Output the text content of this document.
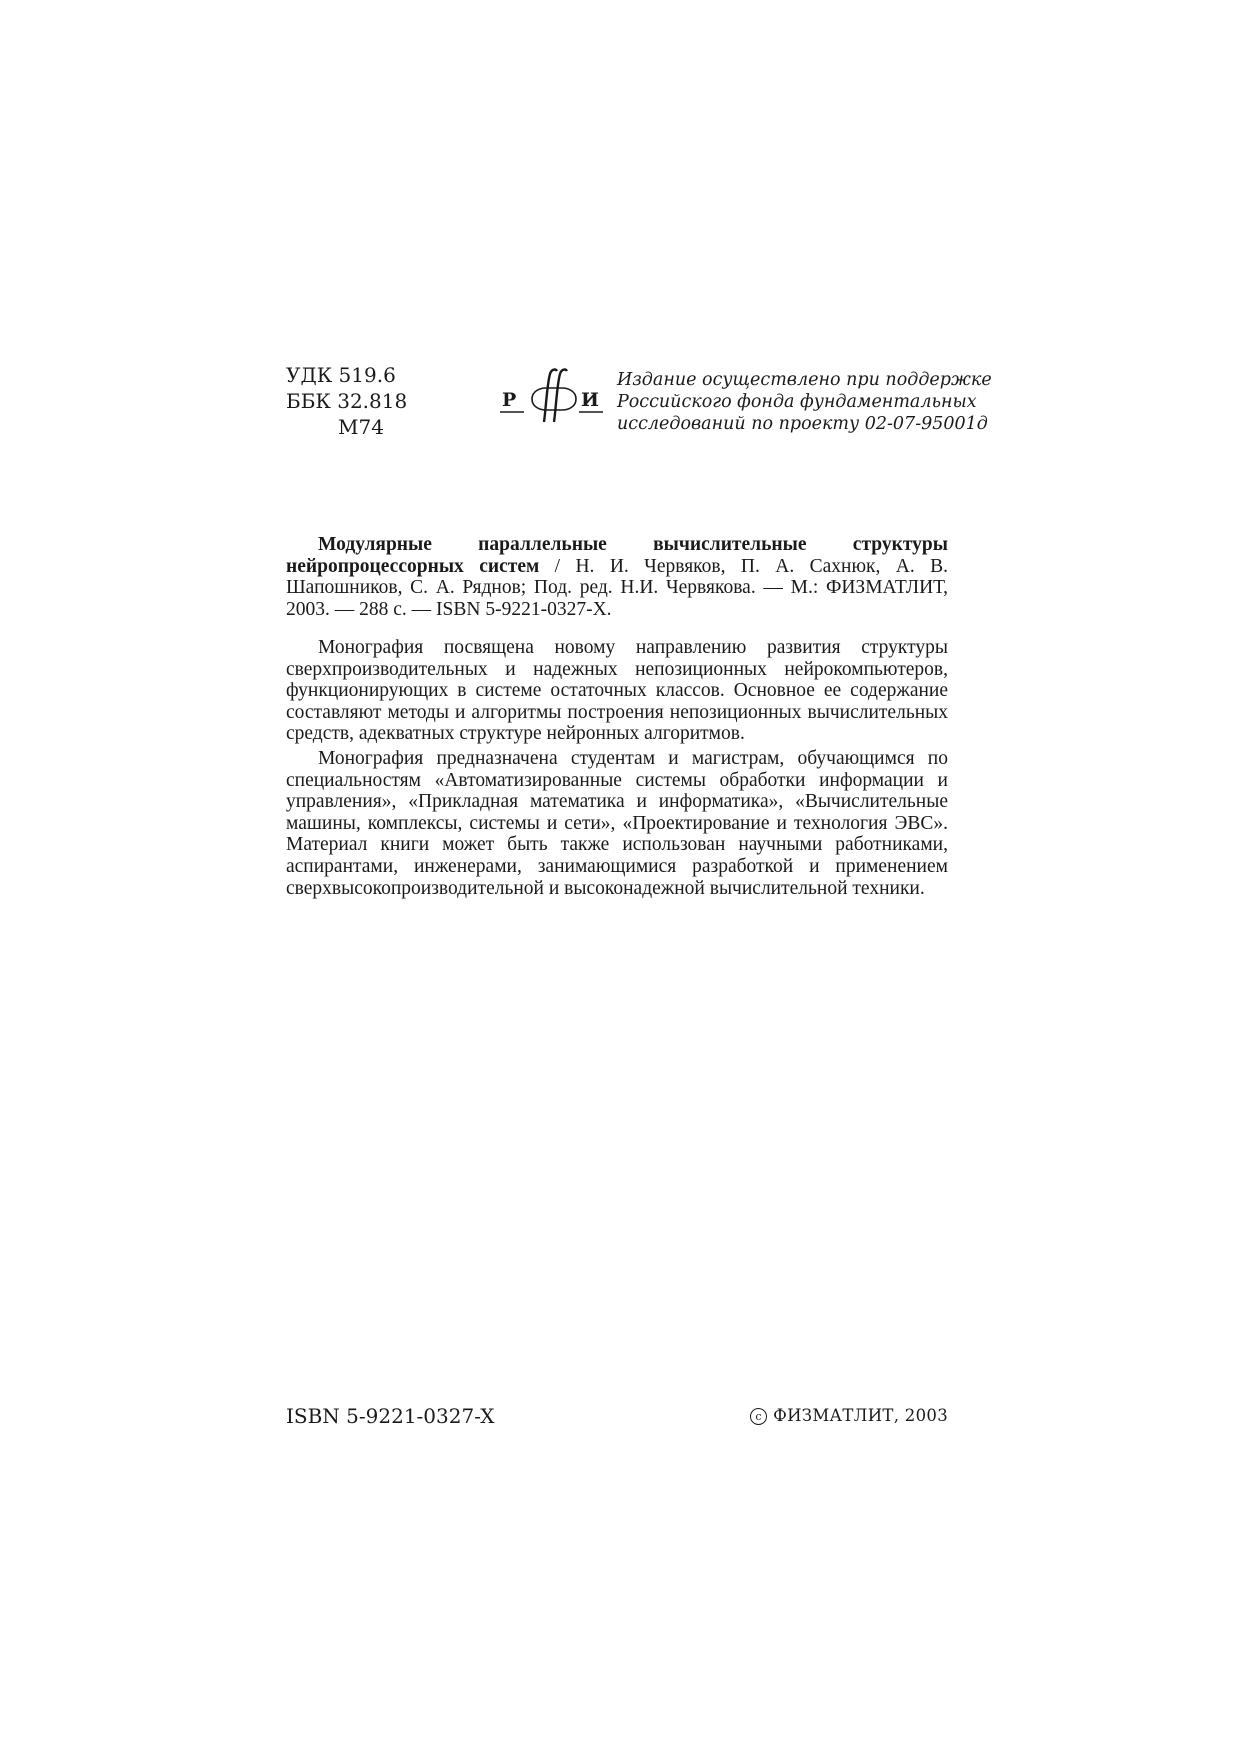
УДК 519.6
ББК 32.818
М74
Р	И
Издание осуществлено при поддержке
Российского фонда фундаментальных
исследований по проекту 02-07-95001д
Модулярные параллельные вычислительные структуры нейропроцессорных систем / Н. И. Червяков, П. А. Сахнюк, А. В. Шапошников, С. А. Ряднов; Под. ред. Н.И. Червякова. — М.: ФИЗМАТЛИТ, 2003. — 288 с. — ISBN 5-9221-0327-X.

Монография посвящена новому направлению развития структуры сверхпроизводительных и надежных непозиционных нейрокомпьютеров, функционирующих в системе остаточных классов. Основное ее содержание составляют методы и алгоритмы построения непозиционных вычислительных средств, адекватных структуре нейронных алгоритмов.

Монография предназначена студентам и магистрам, обучающимся по специальностям «Автоматизированные системы обработки информации и управления», «Прикладная математика и информатика», «Вычислительные машины, комплексы, системы и сети», «Проектирование и технология ЭВС». Материал книги может быть также использован научными работниками, аспирантами, инженерами, занимающимися разработкой и применением сверхвысокопроизводительной и высоконадежной вычислительной техники.

ISBN 5-9221-0327-X	c ФИЗМАТЛИТ, 2003
